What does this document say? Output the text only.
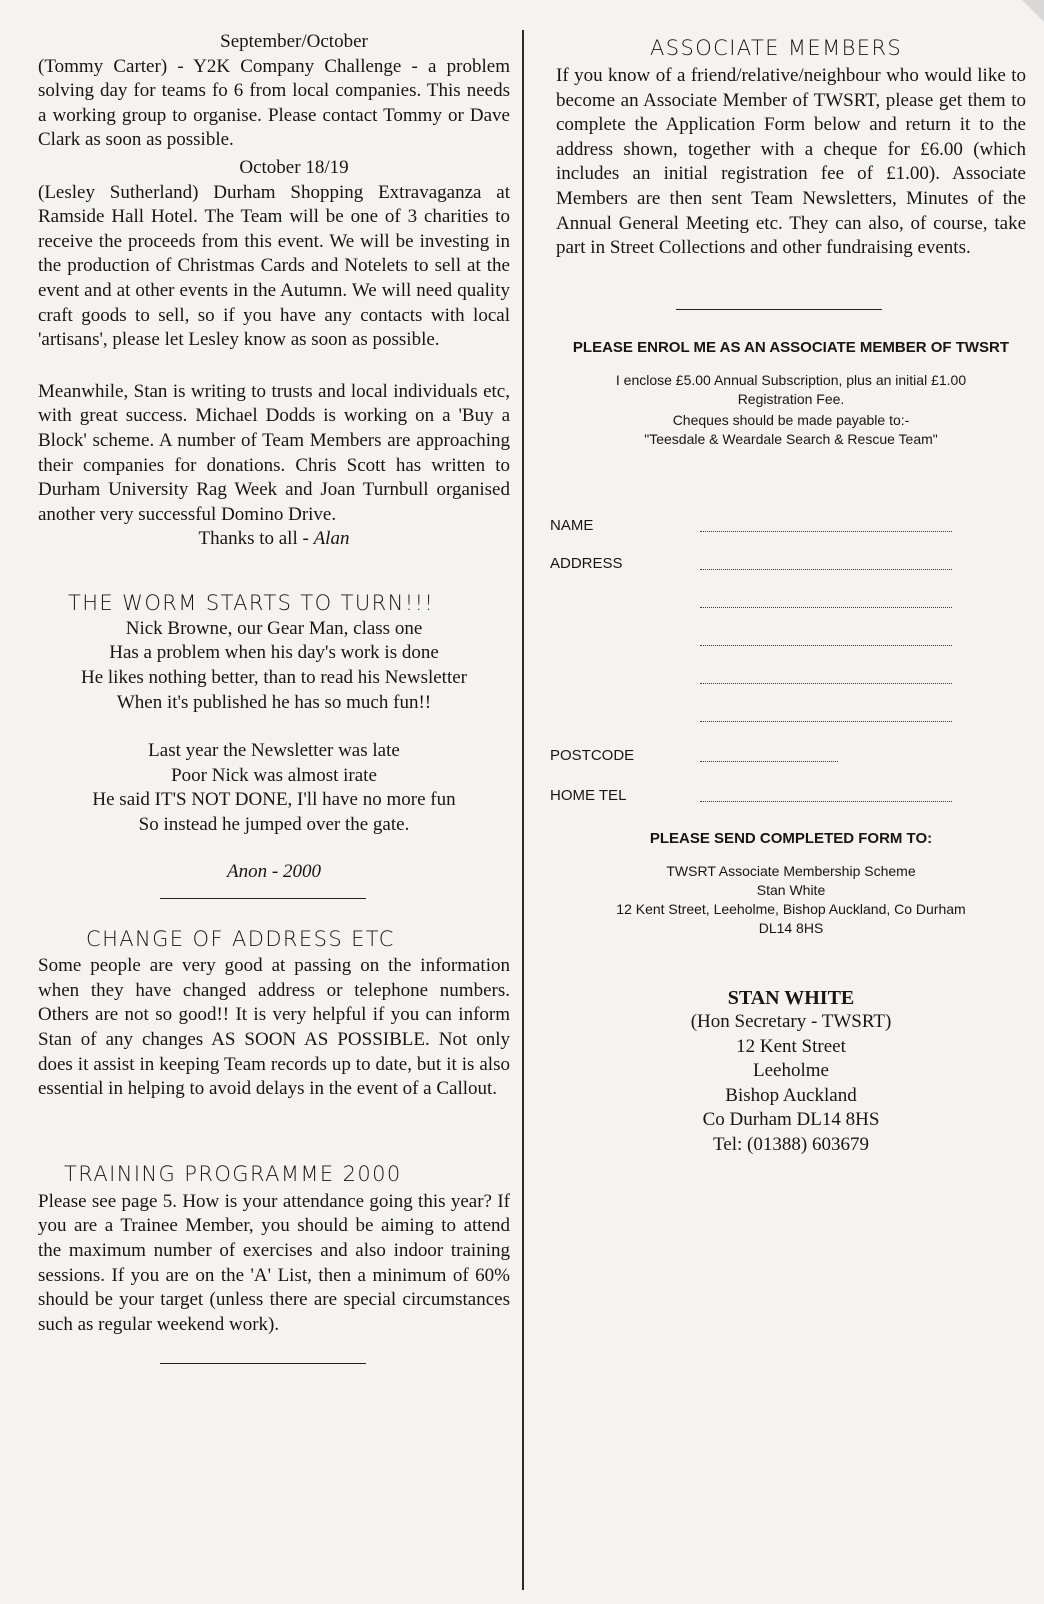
September/October

(Tommy Carter) - Y2K Company Challenge - a problem solving day for teams fo 6 from local companies. This needs a working group to organise. Please contact Tommy or Dave Clark as soon as possible.

October 18/19

(Lesley Sutherland) Durham Shopping Extravaganza at Ramside Hall Hotel. The Team will be one of 3 charities to receive the proceeds from this event. We will be investing in the production of Christmas Cards and Notelets to sell at the event and at other events in the Autumn. We will need quality craft goods to sell, so if you have any contacts with local 'artisans', please let Lesley know as soon as possible.

Meanwhile, Stan is writing to trusts and local individuals etc, with great success. Michael Dodds is working on a 'Buy a Block' scheme. A number of Team Members are approaching their companies for donations. Chris Scott has written to Durham University Rag Week and Joan Turnbull organised another very successful Domino Drive.

Thanks to all - Alan

THE WORM STARTS TO TURN!!!

Nick Browne, our Gear Man, class one

Has a problem when his day's work is done

He likes nothing better, than to read his Newsletter

When it's published he has so much fun!!

Last year the Newsletter was late

Poor Nick was almost irate

He said IT'S NOT DONE, I'll have no more fun

So instead he jumped over the gate.

Anon - 2000

CHANGE OF ADDRESS ETC

Some people are very good at passing on the information when they have changed address or telephone numbers. Others are not so good!! It is very helpful if you can inform Stan of any changes AS SOON AS POSSIBLE. Not only does it assist in keeping Team records up to date, but it is also essential in helping to avoid delays in the event of a Callout.

TRAINING PROGRAMME 2000

Please see page 5. How is your attendance going this year? If you are a Trainee Member, you should be aiming to attend the maximum number of exercises and also indoor training sessions. If you are on the 'A' List, then a minimum of 60% should be your target (unless there are special circumstances such as regular weekend work).

ASSOCIATE MEMBERS

If you know of a friend/relative/neighbour who would like to become an Associate Member of TWSRT, please get them to complete the Application Form below and return it to the address shown, together with a cheque for £6.00 (which includes an initial registration fee of £1.00). Associate Members are then sent Team Newsletters, Minutes of the Annual General Meeting etc. They can also, of course, take part in Street Collections and other fundraising events.

PLEASE ENROL ME AS AN ASSOCIATE MEMBER OF TWSRT

I enclose £5.00 Annual Subscription, plus an initial £1.00

Registration Fee.

Cheques should be made payable to:-

"Teesdale & Weardale Search & Rescue Team"

NAME
ADDRESS
POSTCODE
HOME TEL

PLEASE SEND COMPLETED FORM TO:

TWSRT Associate Membership Scheme

Stan White

12 Kent Street, Leeholme, Bishop Auckland, Co Durham

DL14 8HS

STAN WHITE

(Hon Secretary - TWSRT)

12 Kent Street

Leeholme

Bishop Auckland

Co Durham DL14 8HS

Tel: (01388) 603679
